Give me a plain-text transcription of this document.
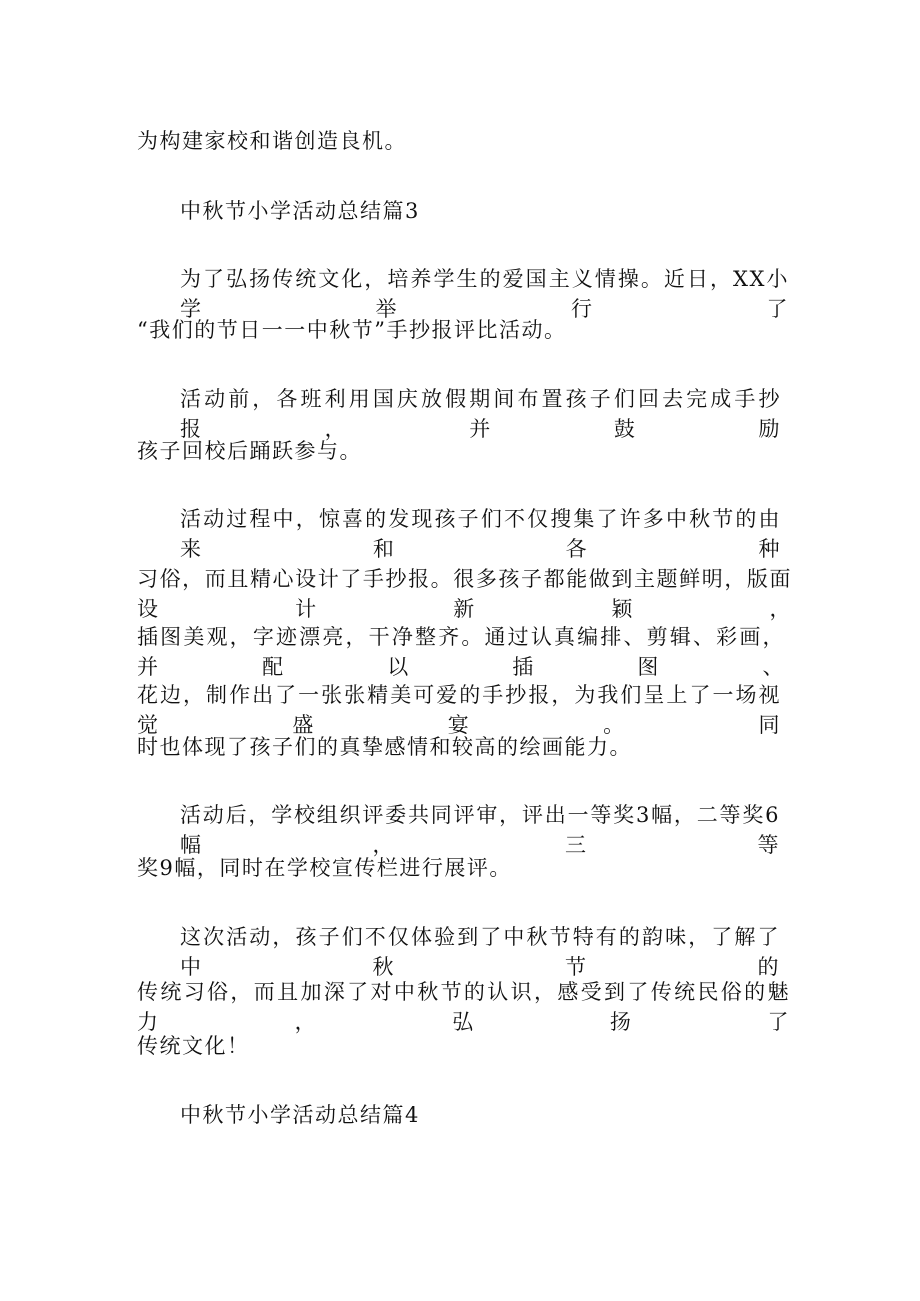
为构建家校和谐创造良机。

中秋节小学活动总结篇3

为了弘扬传统文化，培养学生的爱国主义情操。近日，XX小学举行了

“我们的节日一一中秋节”手抄报评比活动。

活动前，各班利用国庆放假期间布置孩子们回去完成手抄报，并鼓励

孩子回校后踊跃参与。

活动过程中，惊喜的发现孩子们不仅搜集了许多中秋节的由来和各种

习俗，而且精心设计了手抄报。很多孩子都能做到主题鲜明，版面设计新颖，

插图美观，字迹漂亮，干净整齐。通过认真编排、剪辑、彩画，并配以插图、

花边，制作出了一张张精美可爱的手抄报，为我们呈上了一场视觉盛宴。同

时也体现了孩子们的真挚感情和较高的绘画能力。

活动后，学校组织评委共同评审，评出一等奖3幅，二等奖6幅，三等

奖9幅，同时在学校宣传栏进行展评。

这次活动，孩子们不仅体验到了中秋节特有的韵味，了解了中秋节的

传统习俗，而且加深了对中秋节的认识，感受到了传统民俗的魅力，弘扬了

传统文化！

中秋节小学活动总结篇4
